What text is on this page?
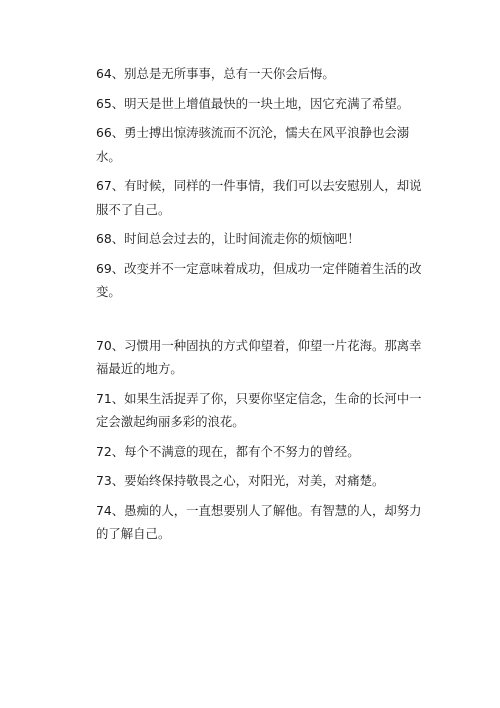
64、别总是无所事事，总有一天你会后悔。
65、明天是世上增值最快的一块土地，因它充满了希望。
66、勇士搏出惊涛骇流而不沉沦，懦夫在风平浪静也会溺水。
67、有时候，同样的一件事情，我们可以去安慰别人，却说服不了自己。
68、时间总会过去的，让时间流走你的烦恼吧！
69、改变并不一定意味着成功，但成功一定伴随着生活的改变。
70、习惯用一种固执的方式仰望着，仰望一片花海。那离幸福最近的地方。
71、如果生活捉弄了你，只要你坚定信念，生命的长河中一定会激起绚丽多彩的浪花。
72、每个不满意的现在，都有个不努力的曾经。
73、要始终保持敬畏之心，对阳光，对美，对痛楚。
74、愚痴的人，一直想要别人了解他。有智慧的人，却努力的了解自己。
